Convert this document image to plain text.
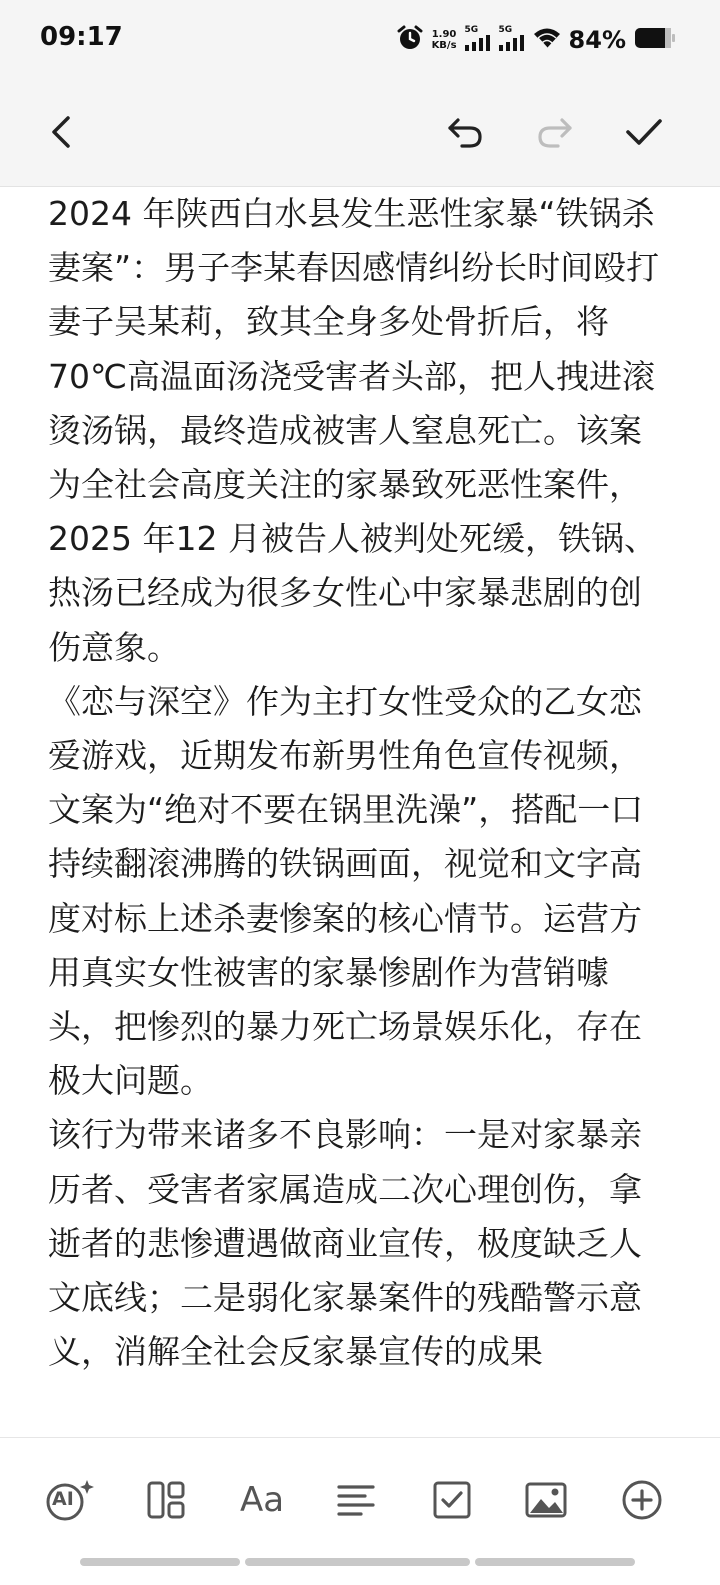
09:17	1.90
KB/s
5G 5G 84%

2024 年陕西白水县发生恶性家暴“铁锅杀妻案”：男子李某春因感情纠纷长时间殴打妻子吴某莉，致其全身多处骨折后，将70℃高温面汤浇受害者头部，把人拽进滚烫汤锅，最终造成被害人窒息死亡。该案为全社会高度关注的家暴致死恶性案件，2025 年12 月被告人被判处死缓，铁锅、热汤已经成为很多女性心中家暴悲剧的创伤意象。

《恋与深空》作为主打女性受众的乙女恋爱游戏，近期发布新男性角色宣传视频，文案为“绝对不要在锅里洗澡”，搭配一口持续翻滚沸腾的铁锅画面，视觉和文字高度对标上述杀妻惨案的核心情节。运营方用真实女性被害的家暴惨剧作为营销噱头，把惨烈的暴力死亡场景娱乐化，存在极大问题。

该行为带来诸多不良影响：一是对家暴亲历者、受害者家属造成二次心理创伤，拿逝者的悲惨遭遇做商业宣传，极度缺乏人文底线；二是弱化家暴案件的残酷警示意义，消解全社会反家暴宣传的成果

AI	Aa
